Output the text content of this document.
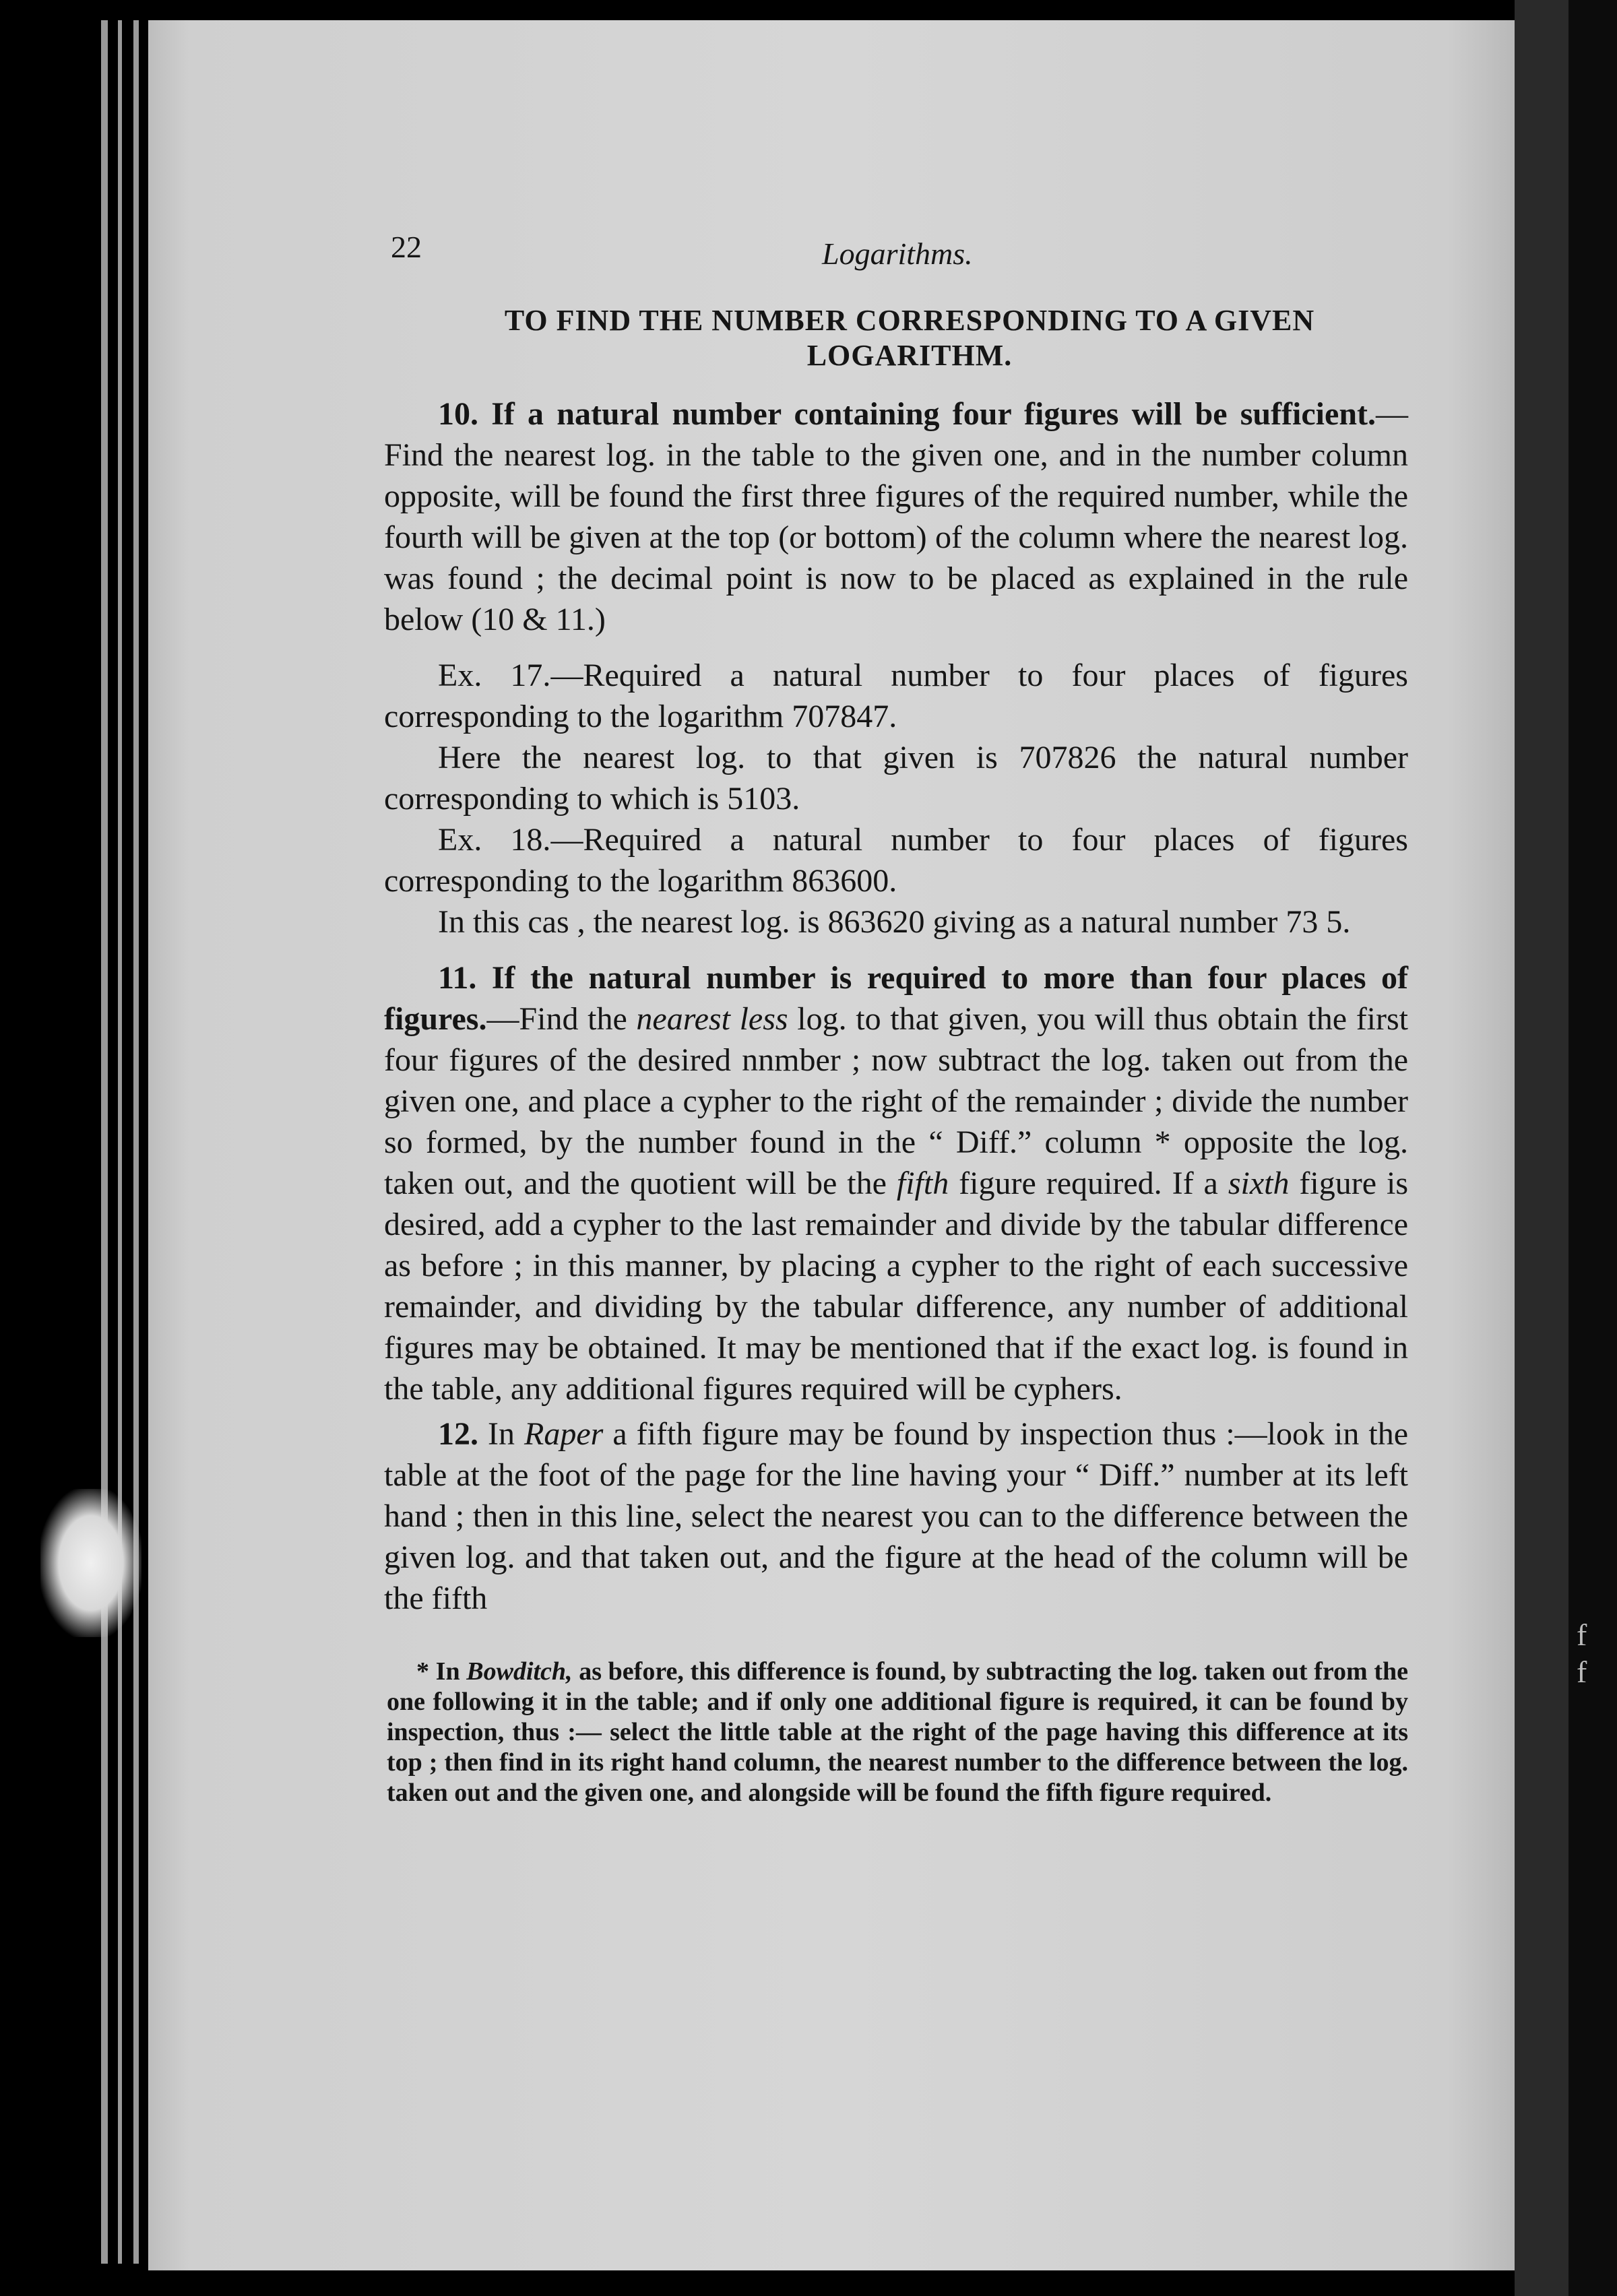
f
f
22	Logarithms.
TO FIND THE NUMBER CORRESPONDING TO A GIVEN LOGARITHM.

10. If a natural number containing four figures will be sufficient.—Find the nearest log. in the table to the given one, and in the number column opposite, will be found the first three figures of the required number, while the fourth will be given at the top (or bottom) of the column where the nearest log. was found ; the decimal point is now to be placed as explained in the rule below (10 & 11.)

Ex. 17.—Required a natural number to four places of figures corresponding to the logarithm 707847.

Here the nearest log. to that given is 707826 the natural number corresponding to which is 5103.

Ex. 18.—Required a natural number to four places of figures corresponding to the logarithm 863600.

In this cas , the nearest log. is 863620 giving as a natural number 73 5.

11. If the natural number is required to more than four places of figures.—Find the nearest less log. to that given, you will thus obtain the first four figures of the desired nnmber ; now subtract the log. taken out from the given one, and place a cypher to the right of the remainder ; divide the number so formed, by the number found in the “ Diff.” column * opposite the log. taken out, and the quotient will be the fifth figure required. If a sixth figure is desired, add a cypher to the last remainder and divide by the tabular difference as before ; in this manner, by placing a cypher to the right of each successive remainder, and dividing by the tabular difference, any number of additional figures may be obtained. It may be mentioned that if the exact log. is found in the table, any additional figures required will be cyphers.

12. In Raper a fifth figure may be found by inspection thus :—look in the table at the foot of the page for the line having your “ Diff.” number at its left hand ; then in this line, select the nearest you can to the difference between the given log. and that taken out, and the figure at the head of the column will be the fifth

* In Bowditch, as before, this difference is found, by subtracting the log. taken out from the one following it in the table; and if only one additional figure is required, it can be found by inspection, thus :— select the little table at the right of the page having this difference at its top ; then find in its right hand column, the nearest number to the difference between the log. taken out and the given one, and alongside will be found the fifth figure required.
